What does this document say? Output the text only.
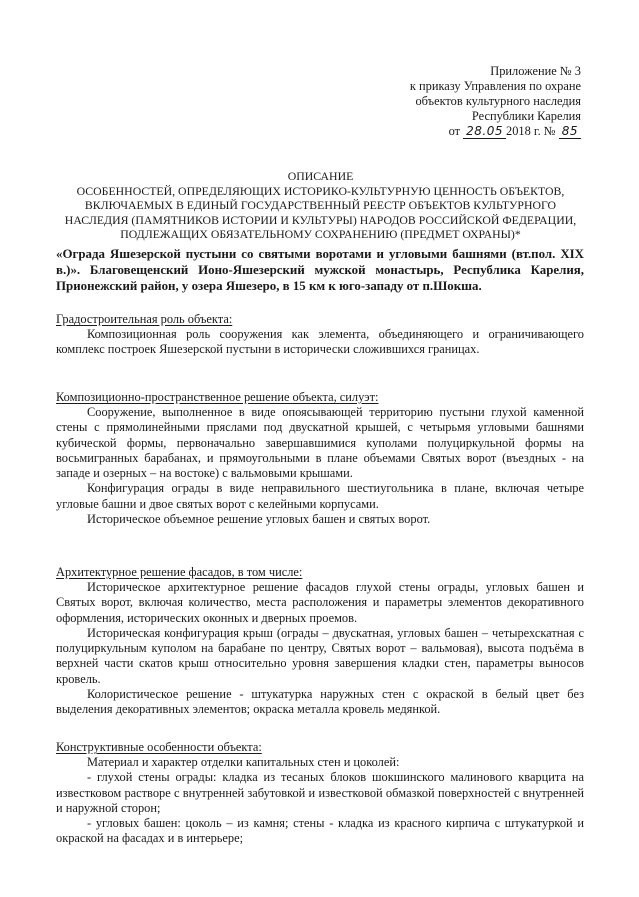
Приложение № 3
к приказу Управления по охране
объектов культурного наследия
Республики Карелия
от 28.05 2018 г. № 85
ОПИСАНИЕ
ОСОБЕННОСТЕЙ, ОПРЕДЕЛЯЮЩИХ ИСТОРИКО-КУЛЬТУРНУЮ ЦЕННОСТЬ ОБЪЕКТОВ,
ВКЛЮЧАЕМЫХ В ЕДИНЫЙ ГОСУДАРСТВЕННЫЙ РЕЕСТР ОБЪЕКТОВ КУЛЬТУРНОГО
НАСЛЕДИЯ (ПАМЯТНИКОВ ИСТОРИИ И КУЛЬТУРЫ) НАРОДОВ РОССИЙСКОЙ ФЕДЕРАЦИИ,
ПОДЛЕЖАЩИХ ОБЯЗАТЕЛЬНОМУ СОХРАНЕНИЮ (ПРЕДМЕТ ОХРАНЫ)*
«Ограда Яшезерской пустыни со святыми воротами и угловыми башнями (вт.пол. XIX в.)». Благовещенский Ионо-Яшезерский мужской монастырь, Республика Карелия, Прионежский район, у озера Яшезеро, в 15 км к юго-западу от п.Шокша.
Градостроительная роль объекта:

Композиционная роль сооружения как элемента, объединяющего и ограничивающего комплекс построек Яшезерской пустыни в исторически сложившихся границах.

Композиционно-пространственное решение объекта, силуэт:

Сооружение, выполненное в виде опоясывающей территорию пустыни глухой каменной стены с прямолинейными пряслами под двускатной крышей, с четырьмя угловыми башнями кубической формы, первоначально завершавшимися куполами полуциркульной формы на восьмигранных барабанах, и прямоугольными в плане объемами Святых ворот (въездных - на западе и озерных – на востоке) с вальмовыми крышами.

Конфигурация ограды в виде неправильного шестиугольника в плане, включая четыре угловые башни и двое святых ворот с келейными корпусами.

Историческое объемное решение угловых башен и святых ворот.

Архитектурное решение фасадов, в том числе:

Историческое архитектурное решение фасадов глухой стены ограды, угловых башен и Святых ворот, включая количество, места расположения и параметры элементов декоративного оформления, исторических оконных и дверных проемов.

Историческая конфигурация крыш (ограды – двускатная, угловых башен – четырехскатная с полуциркульным куполом на барабане по центру, Святых ворот – вальмовая), высота подъёма в верхней части скатов крыш относительно уровня завершения кладки стен, параметры выносов кровель.

Колористическое решение - штукатурка наружных стен с окраской в белый цвет без выделения декоративных элементов; окраска металла кровель медянкой.

Конструктивные особенности объекта:

Материал и характер отделки капитальных стен и цоколей:

- глухой стены ограды: кладка из тесаных блоков шокшинского малинового кварцита на известковом растворе с внутренней забутовкой и известковой обмазкой поверхностей с внутренней и наружной сторон;

- угловых башен: цоколь – из камня; стены - кладка из красного кирпича с штукатуркой и окраской на фасадах и в интерьере;
